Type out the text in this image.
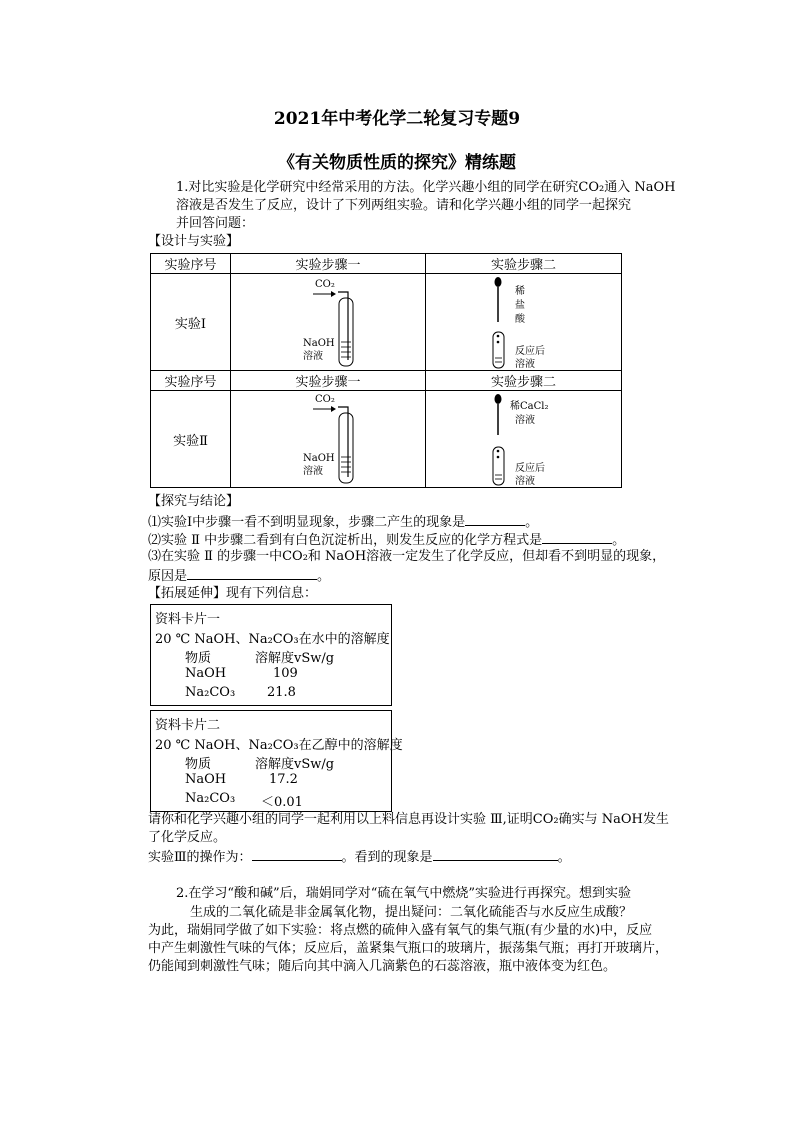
2021年中考化学二轮复习专题9
《有关物质性质的探究》精练题
1.对比实验是化学研究中经常采用的方法。化学兴趣小组的同学在研究CO₂通入 NaOH
溶液是否发生了反应，设计了下列两组实验。请和化学兴趣小组的同学一起探究
并回答问题：
【设计与实验】
实验序号	实验步骤一	实验步骤二
实验Ⅰ	CO₂
NaOH
溶液	稀
盐
酸
反应后
溶液

实验序号	实验步骤一	实验步骤二
实验Ⅱ	CO₂
NaOH
溶液	稀CaCl₂
溶液
反应后
溶液
【探究与结论】
⑴实验Ⅰ中步骤一看不到明显现象，步骤二产生的现象是	。
⑵实验 Ⅱ 中步骤二看到有白色沉淀析出，则发生反应的化学方程式是	。
⑶在实验 Ⅱ 的步骤一中CO₂和 NaOH溶液一定发生了化学反应，但却看不到明显的现象，
原因是	。
【拓展延伸】现有下列信息：
资料卡片一
20 ℃ NaOH、Na₂CO₃在水中的溶解度
物质	溶解度vSw/g
NaOH	109
Na₂CO₃ 21.8
资料卡片二
20 ℃ NaOH、Na₂CO₃在乙醇中的溶解度
物质	溶解度vSw/g
NaOH	17.2
Na₂CO₃ ＜0.01
请你和化学兴趣小组的同学一起利用以上料信息再设计实验 Ⅲ,证明CO₂确实与 NaOH发生
了化学反应。
实验Ⅲ的操作为：	。看到的现象是	。
2.在学习“酸和碱”后，瑞娟同学对“硫在氧气中燃烧”实验进行再探究。想到实验
生成的二氧化硫是非金属氧化物，提出疑问：二氧化硫能否与水反应生成酸？
为此，瑞娟同学做了如下实验：将点燃的硫伸入盛有氧气的集气瓶(有少量的水)中，反应
中产生刺激性气味的气体；反应后，盖紧集气瓶口的玻璃片，振荡集气瓶；再打开玻璃片，
仍能闻到刺激性气味；随后向其中滴入几滴紫色的石蕊溶液，瓶中液体变为红色。
